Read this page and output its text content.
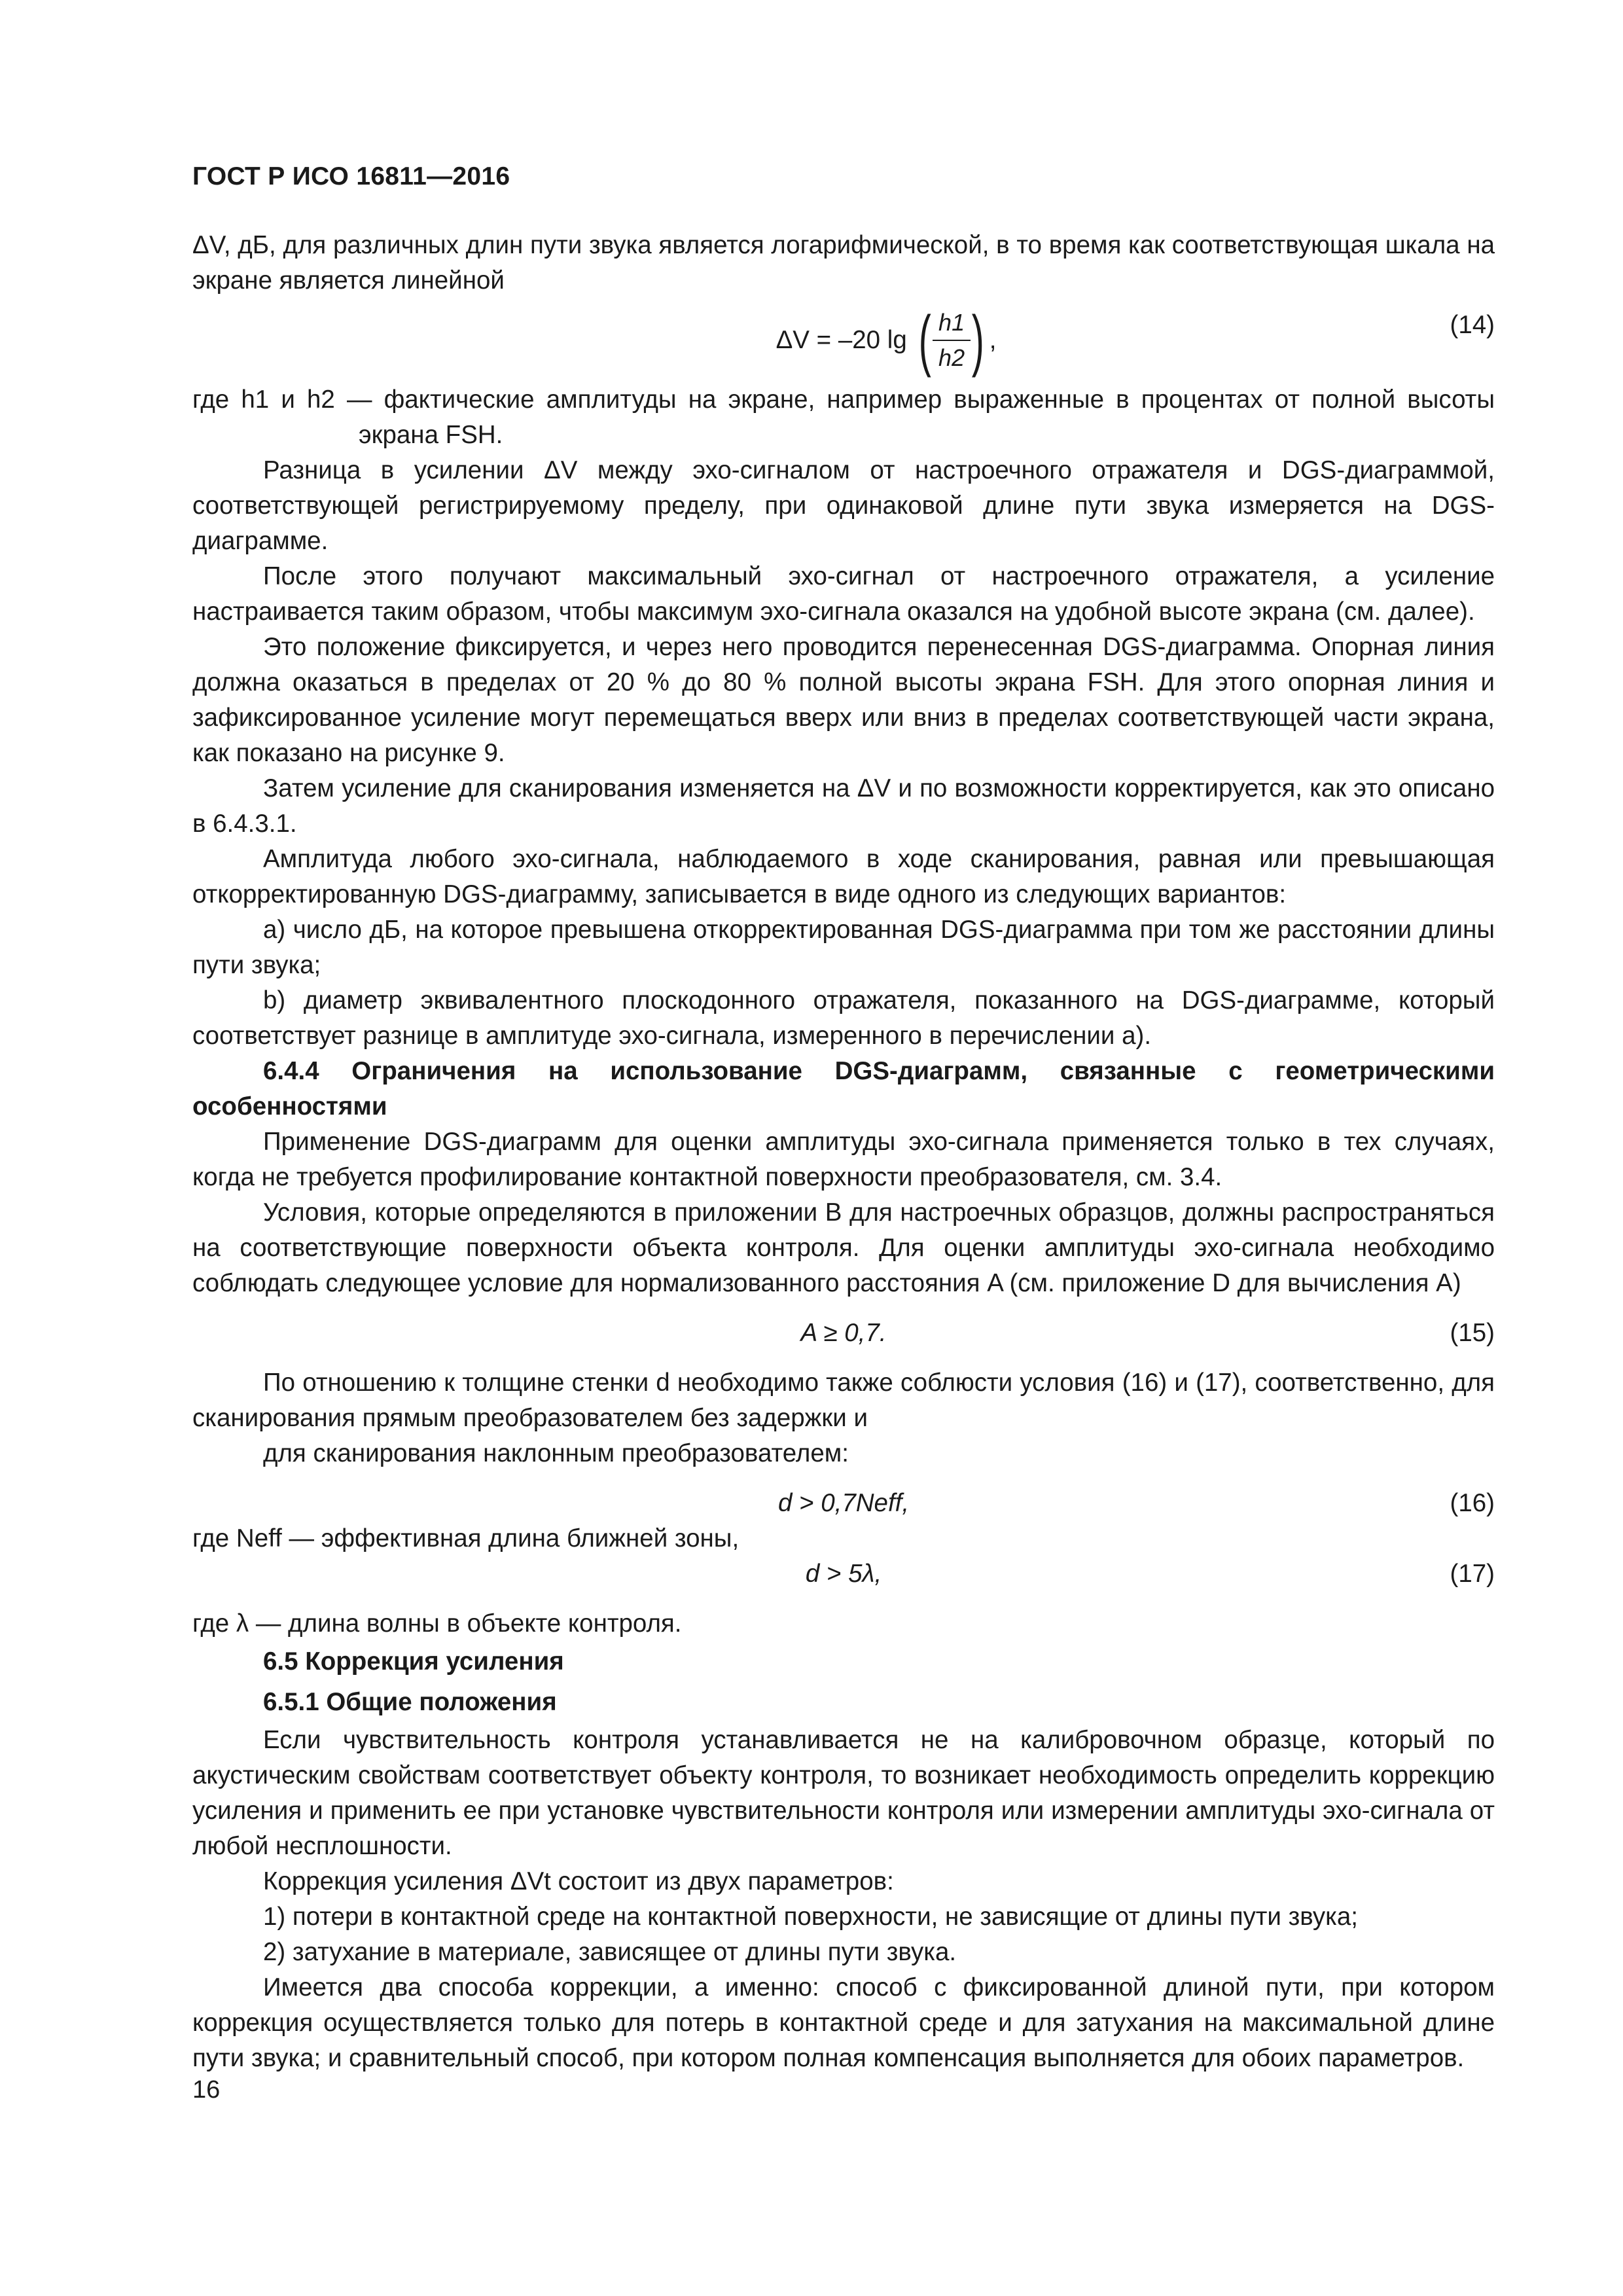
ГОСТ Р ИСО 16811—2016

ΔV, дБ, для различных длин пути звука является логарифмической, в то время как соответствующая шкала на экране является линейной

ΔV = –20 lg
( $\frac{h1}{h2}$ ) ,
(14)

где h1 и h2 — фактические амплитуды на экране, например выраженные в процентах от полной высоты экрана FSH.

Разница в усилении ΔV между эхо-сигналом от настроечного отражателя и DGS-диаграммой, соответствующей регистрируемому пределу, при одинаковой длине пути звука измеряется на DGS-диаграмме.

После этого получают максимальный эхо-сигнал от настроечного отражателя, а усиление настраивается таким образом, чтобы максимум эхо-сигнала оказался на удобной высоте экрана (см. далее).

Это положение фиксируется, и через него проводится перенесенная DGS-диаграмма. Опорная линия должна оказаться в пределах от 20 % до 80 % полной высоты экрана FSH. Для этого опорная линия и зафиксированное усиление могут перемещаться вверх или вниз в пределах соответствующей части экрана, как показано на рисунке 9.

Затем усиление для сканирования изменяется на ΔV и по возможности корректируется, как это описано в 6.4.3.1.

Амплитуда любого эхо-сигнала, наблюдаемого в ходе сканирования, равная или превышающая откорректированную DGS-диаграмму, записывается в виде одного из следующих вариантов:

a) число дБ, на которое превышена откорректированная DGS-диаграмма при том же расстоянии длины пути звука;

b) диаметр эквивалентного плоскодонного отражателя, показанного на DGS-диаграмме, который соответствует разнице в амплитуде эхо-сигнала, измеренного в перечислении a).

6.4.4 Ограничения на использование DGS-диаграмм, связанные с геометрическими особенностями

Применение DGS-диаграмм для оценки амплитуды эхо-сигнала применяется только в тех случаях, когда не требуется профилирование контактной поверхности преобразователя, см. 3.4.

Условия, которые определяются в приложении B для настроечных образцов, должны распространяться на соответствующие поверхности объекта контроля. Для оценки амплитуды эхо-сигнала необходимо соблюдать следующее условие для нормализованного расстояния A (см. приложение D для вычисления A)

A ≥ 0,7.	(15)

По отношению к толщине стенки d необходимо также соблюсти условия (16) и (17), соответственно, для сканирования прямым преобразователем без задержки и

для сканирования наклонным преобразователем:

d > 0,7Neff,	(16)

где Neff — эффективная длина ближней зоны,

d > 5λ,	(17)

где λ — длина волны в объекте контроля.

6.5 Коррекция усиления

6.5.1 Общие положения

Если чувствительность контроля устанавливается не на калибровочном образце, который по акустическим свойствам соответствует объекту контроля, то возникает необходимость определить коррекцию усиления и применить ее при установке чувствительности контроля или измерении амплитуды эхо-сигнала от любой несплошности.

Коррекция усиления ΔVt состоит из двух параметров:

1) потери в контактной среде на контактной поверхности, не зависящие от длины пути звука;

2) затухание в материале, зависящее от длины пути звука.

Имеется два способа коррекции, а именно: способ с фиксированной длиной пути, при котором коррекция осуществляется только для потерь в контактной среде и для затухания на максимальной длине пути звука; и сравнительный способ, при котором полная компенсация выполняется для обоих параметров.

16
